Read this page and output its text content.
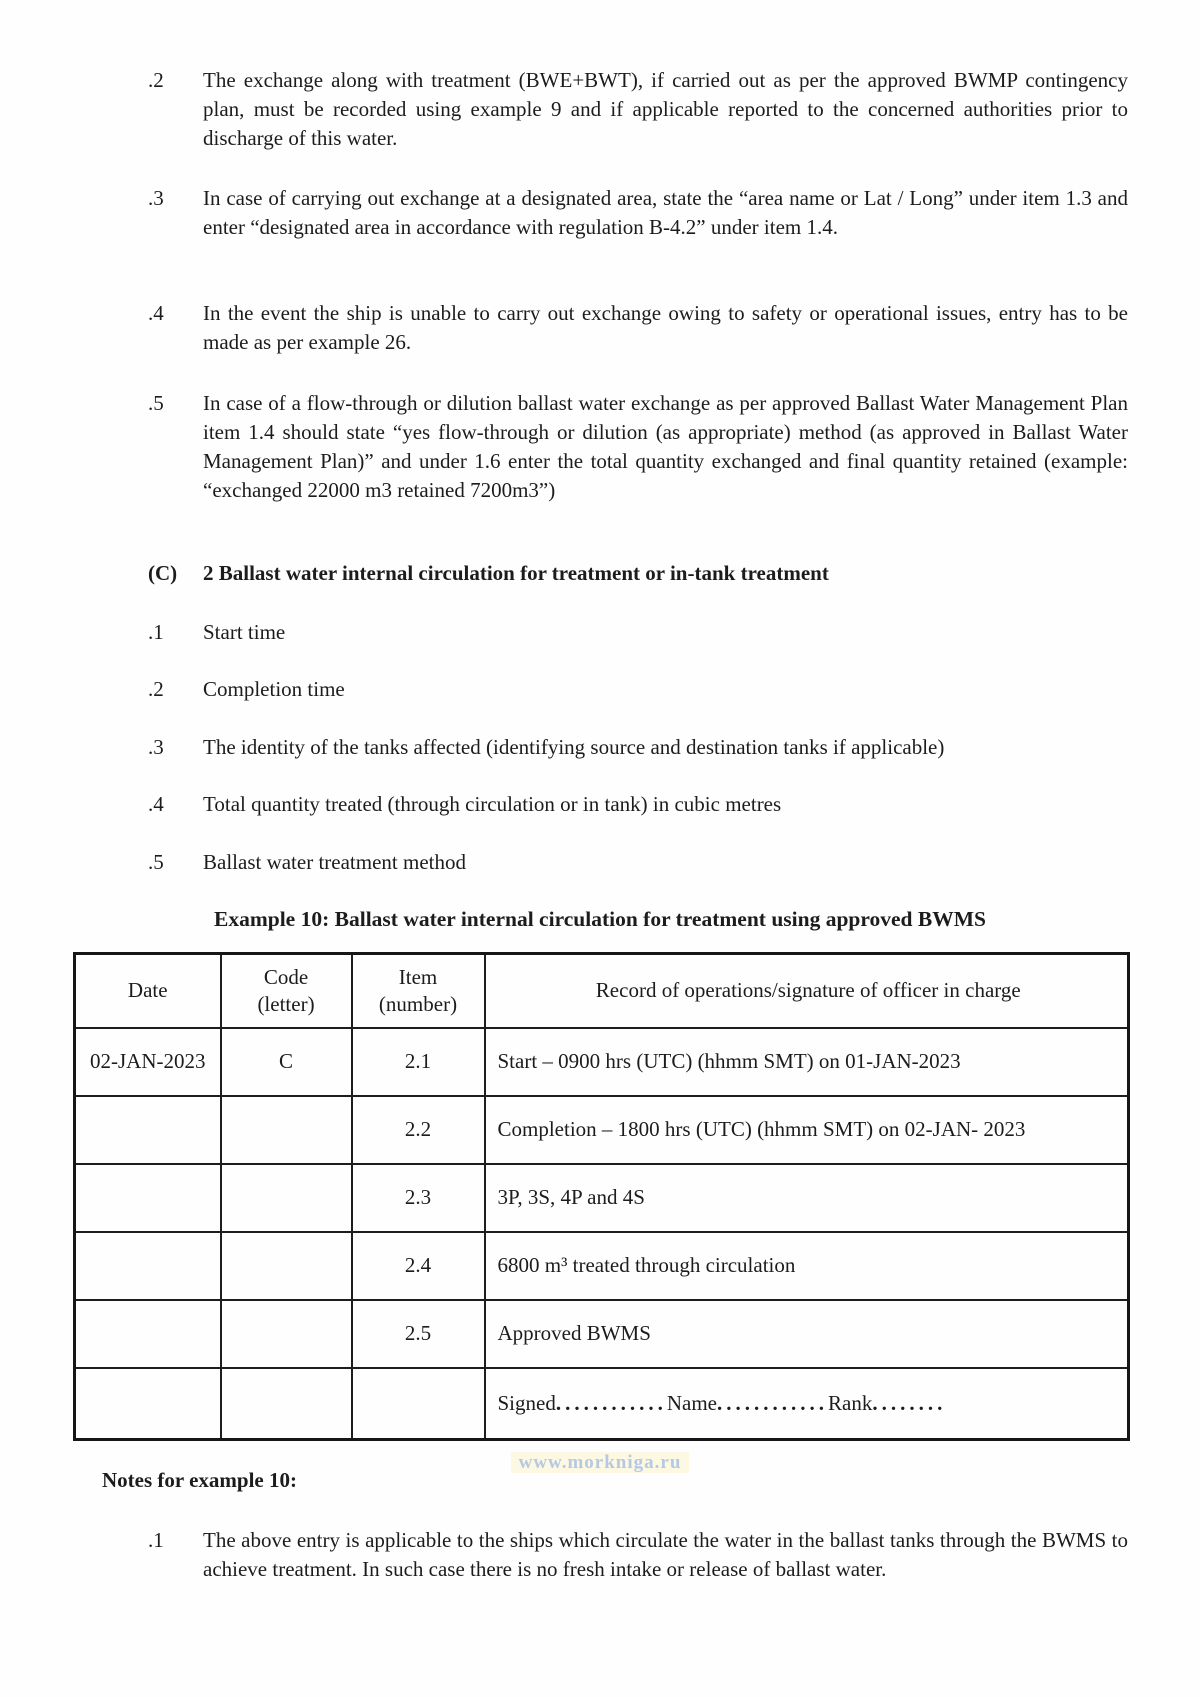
.2 The exchange along with treatment (BWE+BWT), if carried out as per the approved BWMP contingency plan, must be recorded using example 9 and if applicable reported to the concerned authorities prior to discharge of this water.
.3 In case of carrying out exchange at a designated area, state the “area name or Lat / Long” under item 1.3 and enter “designated area in accordance with regulation B-4.2” under item 1.4.
.4 In the event the ship is unable to carry out exchange owing to safety or operational issues, entry has to be made as per example 26.
.5 In case of a flow-through or dilution ballast water exchange as per approved Ballast Water Management Plan item 1.4 should state “yes flow-through or dilution (as appropriate) method (as approved in Ballast Water Management Plan)” and under 1.6 enter the total quantity exchanged and final quantity retained (example: “exchanged 22000 m3 retained 7200m3”)
(C) 2 Ballast water internal circulation for treatment or in-tank treatment
.1 Start time
.2 Completion time
.3 The identity of the tanks affected (identifying source and destination tanks if applicable)
.4 Total quantity treated (through circulation or in tank) in cubic metres
.5 Ballast water treatment method
Example 10: Ballast water internal circulation for treatment using approved BWMS
Date	Code (letter)	Item (number)	Record of operations/signature of officer in charge
02-JAN-2023	C	2.1	Start – 0900 hrs (UTC) (hhmm SMT) on 01-JAN-2023
		2.2	Completion – 1800 hrs (UTC) (hhmm SMT) on 02-JAN- 2023
		2.3	3P, 3S, 4P and 4S
		2.4	6800 m³ treated through circulation
		2.5	Approved BWMS
			Signed............Name............Rank........
www.morkniga.ru
Notes for example 10:
.1 The above entry is applicable to the ships which circulate the water in the ballast tanks through the BWMS to achieve treatment. In such case there is no fresh intake or release of ballast water.
